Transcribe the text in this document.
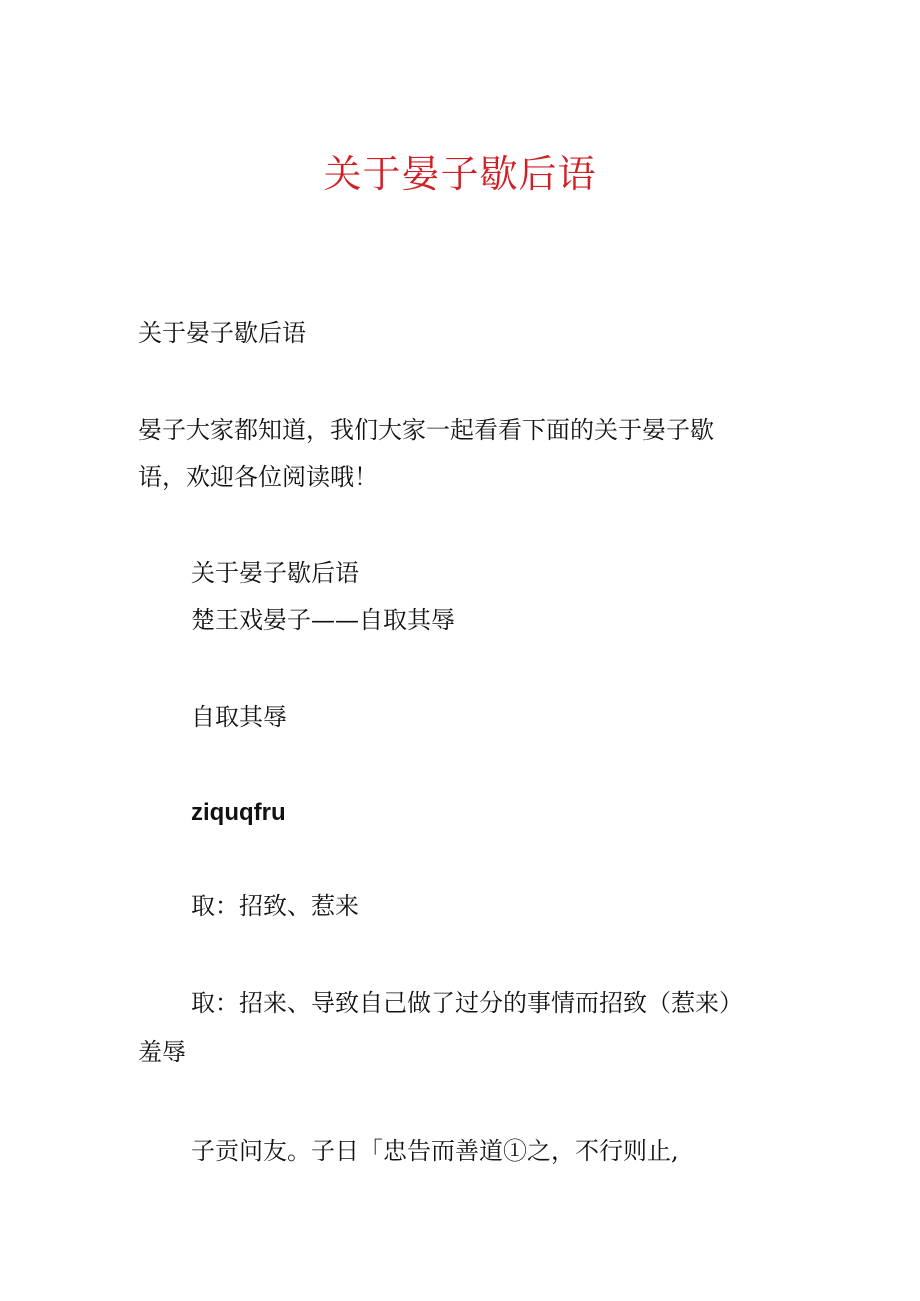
关于晏子歇后语
关于晏子歇后语
晏子大家都知道，我们大家一起看看下面的关于晏子歇
语，欢迎各位阅读哦！
关于晏子歇后语
楚王戏晏子——自取其辱
自取其辱
ziquqfru
取：招致、惹来
取：招来、导致自己做了过分的事情而招致（惹来）
羞辱
子贡问友。子日「忠告而善道①之，不行则止,
